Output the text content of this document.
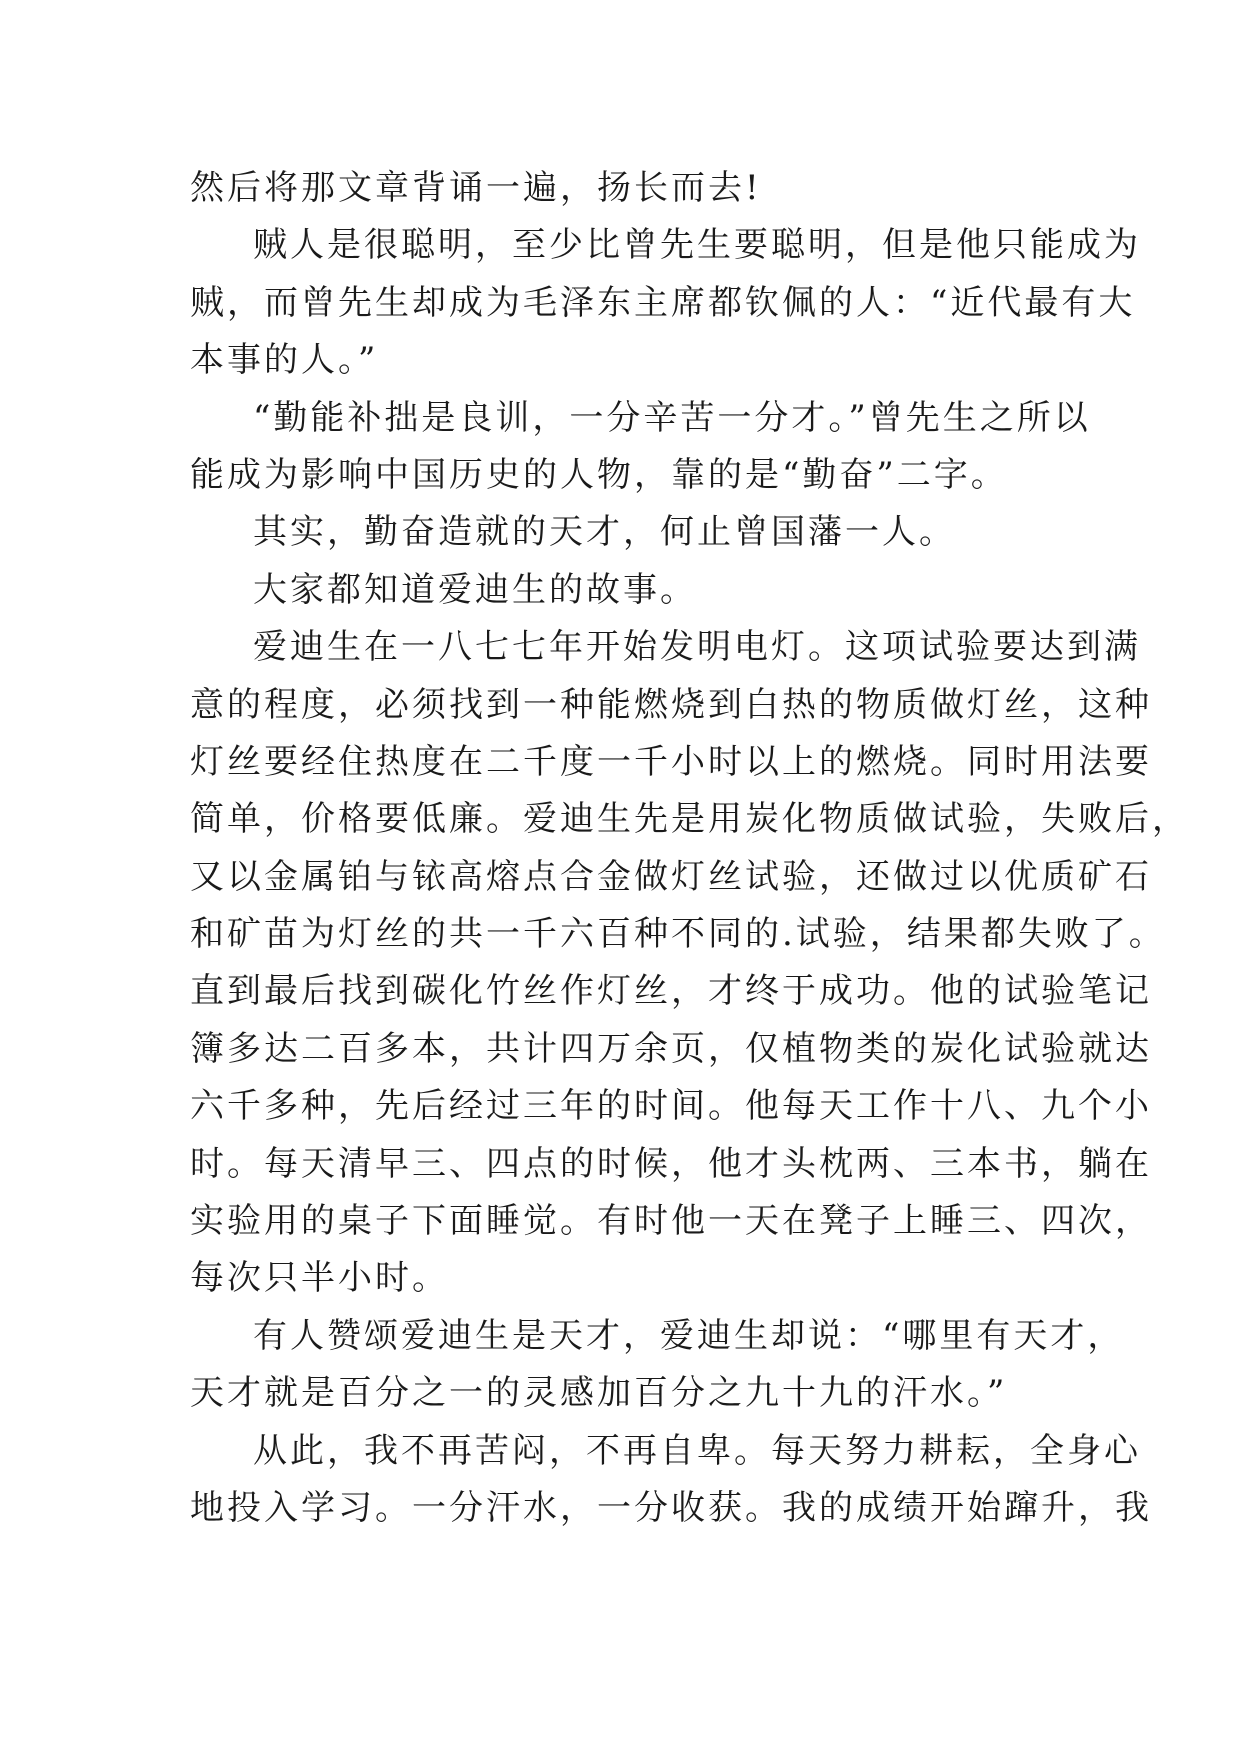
然后将那文章背诵一遍，扬长而去!
贼人是很聪明，至少比曾先生要聪明，但是他只能成为
贼，而曾先生却成为毛泽东主席都钦佩的人：“近代最有大
本事的人。”
“勤能补拙是良训，一分辛苦一分才。”曾先生之所以
能成为影响中国历史的人物，靠的是“勤奋”二字。
其实，勤奋造就的天才，何止曾国藩一人。
大家都知道爱迪生的故事。
爱迪生在一八七七年开始发明电灯。这项试验要达到满
意的程度，必须找到一种能燃烧到白热的物质做灯丝，这种
灯丝要经住热度在二千度一千小时以上的燃烧。同时用法要
简单，价格要低廉。爱迪生先是用炭化物质做试验，失败后，
又以金属铂与铱高熔点合金做灯丝试验，还做过以优质矿石
和矿苗为灯丝的共一千六百种不同的.试验，结果都失败了。
直到最后找到碳化竹丝作灯丝，才终于成功。他的试验笔记
簿多达二百多本，共计四万余页，仅植物类的炭化试验就达
六千多种，先后经过三年的时间。他每天工作十八、九个小
时。每天清早三、四点的时候，他才头枕两、三本书，躺在
实验用的桌子下面睡觉。有时他一天在凳子上睡三、四次，
每次只半小时。
有人赞颂爱迪生是天才，爱迪生却说：“哪里有天才，
天才就是百分之一的灵感加百分之九十九的汗水。”
从此，我不再苦闷，不再自卑。每天努力耕耘，全身心
地投入学习。一分汗水，一分收获。我的成绩开始蹿升，我
